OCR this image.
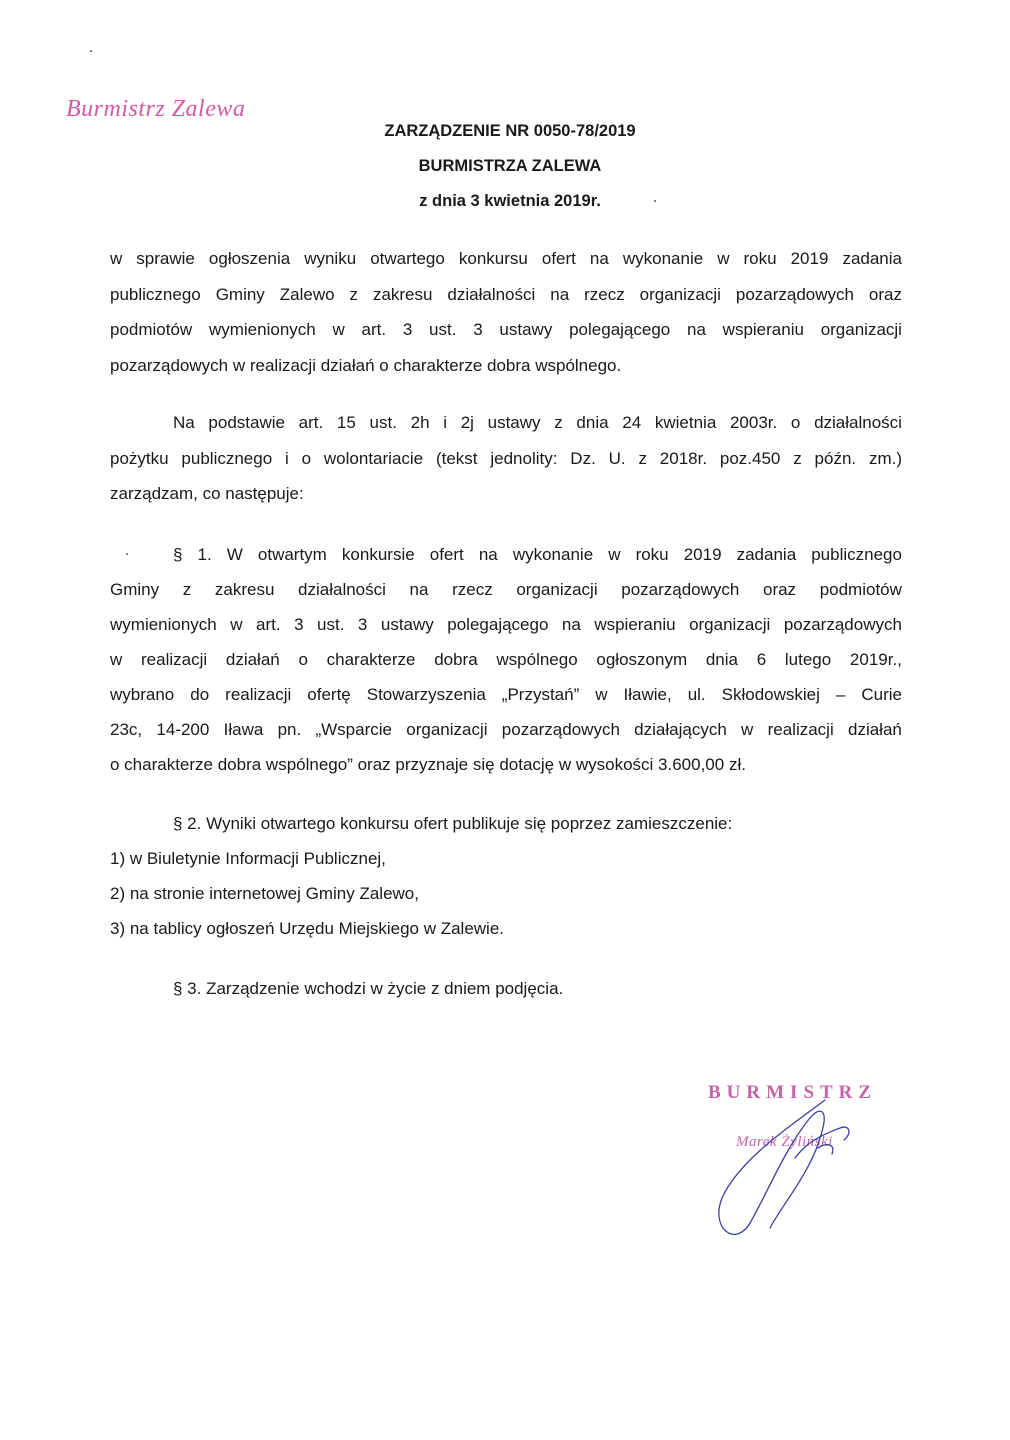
Burmistrz Zalewa
ZARZĄDZENIE NR 0050-78/2019
BURMISTRZA ZALEWA
z dnia 3 kwietnia 2019r.
w sprawie ogłoszenia wyniku otwartego konkursu ofert na wykonanie w roku 2019 zadania
publicznego Gminy Zalewo z zakresu działalności na rzecz organizacji pozarządowych oraz
podmiotów wymienionych w art. 3 ust. 3 ustawy polegającego na wspieraniu organizacji
pozarządowych w realizacji działań o charakterze dobra wspólnego.
Na podstawie art. 15 ust. 2h i 2j ustawy z dnia 24 kwietnia 2003r. o działalności
pożytku publicznego i o wolontariacie (tekst jednolity: Dz. U. z 2018r. poz.450 z późn. zm.)
zarządzam, co następuje:
§ 1. W otwartym konkursie ofert na wykonanie w roku 2019 zadania publicznego
Gminy z zakresu działalności na rzecz organizacji pozarządowych oraz podmiotów
wymienionych w art. 3 ust. 3 ustawy polegającego na wspieraniu organizacji pozarządowych
w realizacji działań o charakterze dobra wspólnego ogłoszonym dnia 6 lutego 2019r.,
wybrano do realizacji ofertę Stowarzyszenia „Przystań” w Iławie, ul. Skłodowskiej – Curie
23c, 14-200 Iława pn. „Wsparcie organizacji pozarządowych działających w realizacji działań
o charakterze dobra wspólnego” oraz przyznaje się dotację w wysokości 3.600,00 zł.
§ 2. Wyniki otwartego konkursu ofert publikuje się poprzez zamieszczenie:
1) w Biuletynie Informacji Publicznej,
2) na stronie internetowej Gminy Zalewo,
3) na tablicy ogłoszeń Urzędu Miejskiego w Zalewie.
§ 3. Zarządzenie wchodzi w życie z dniem podjęcia.
BURMISTRZ
Marek Żyliński
